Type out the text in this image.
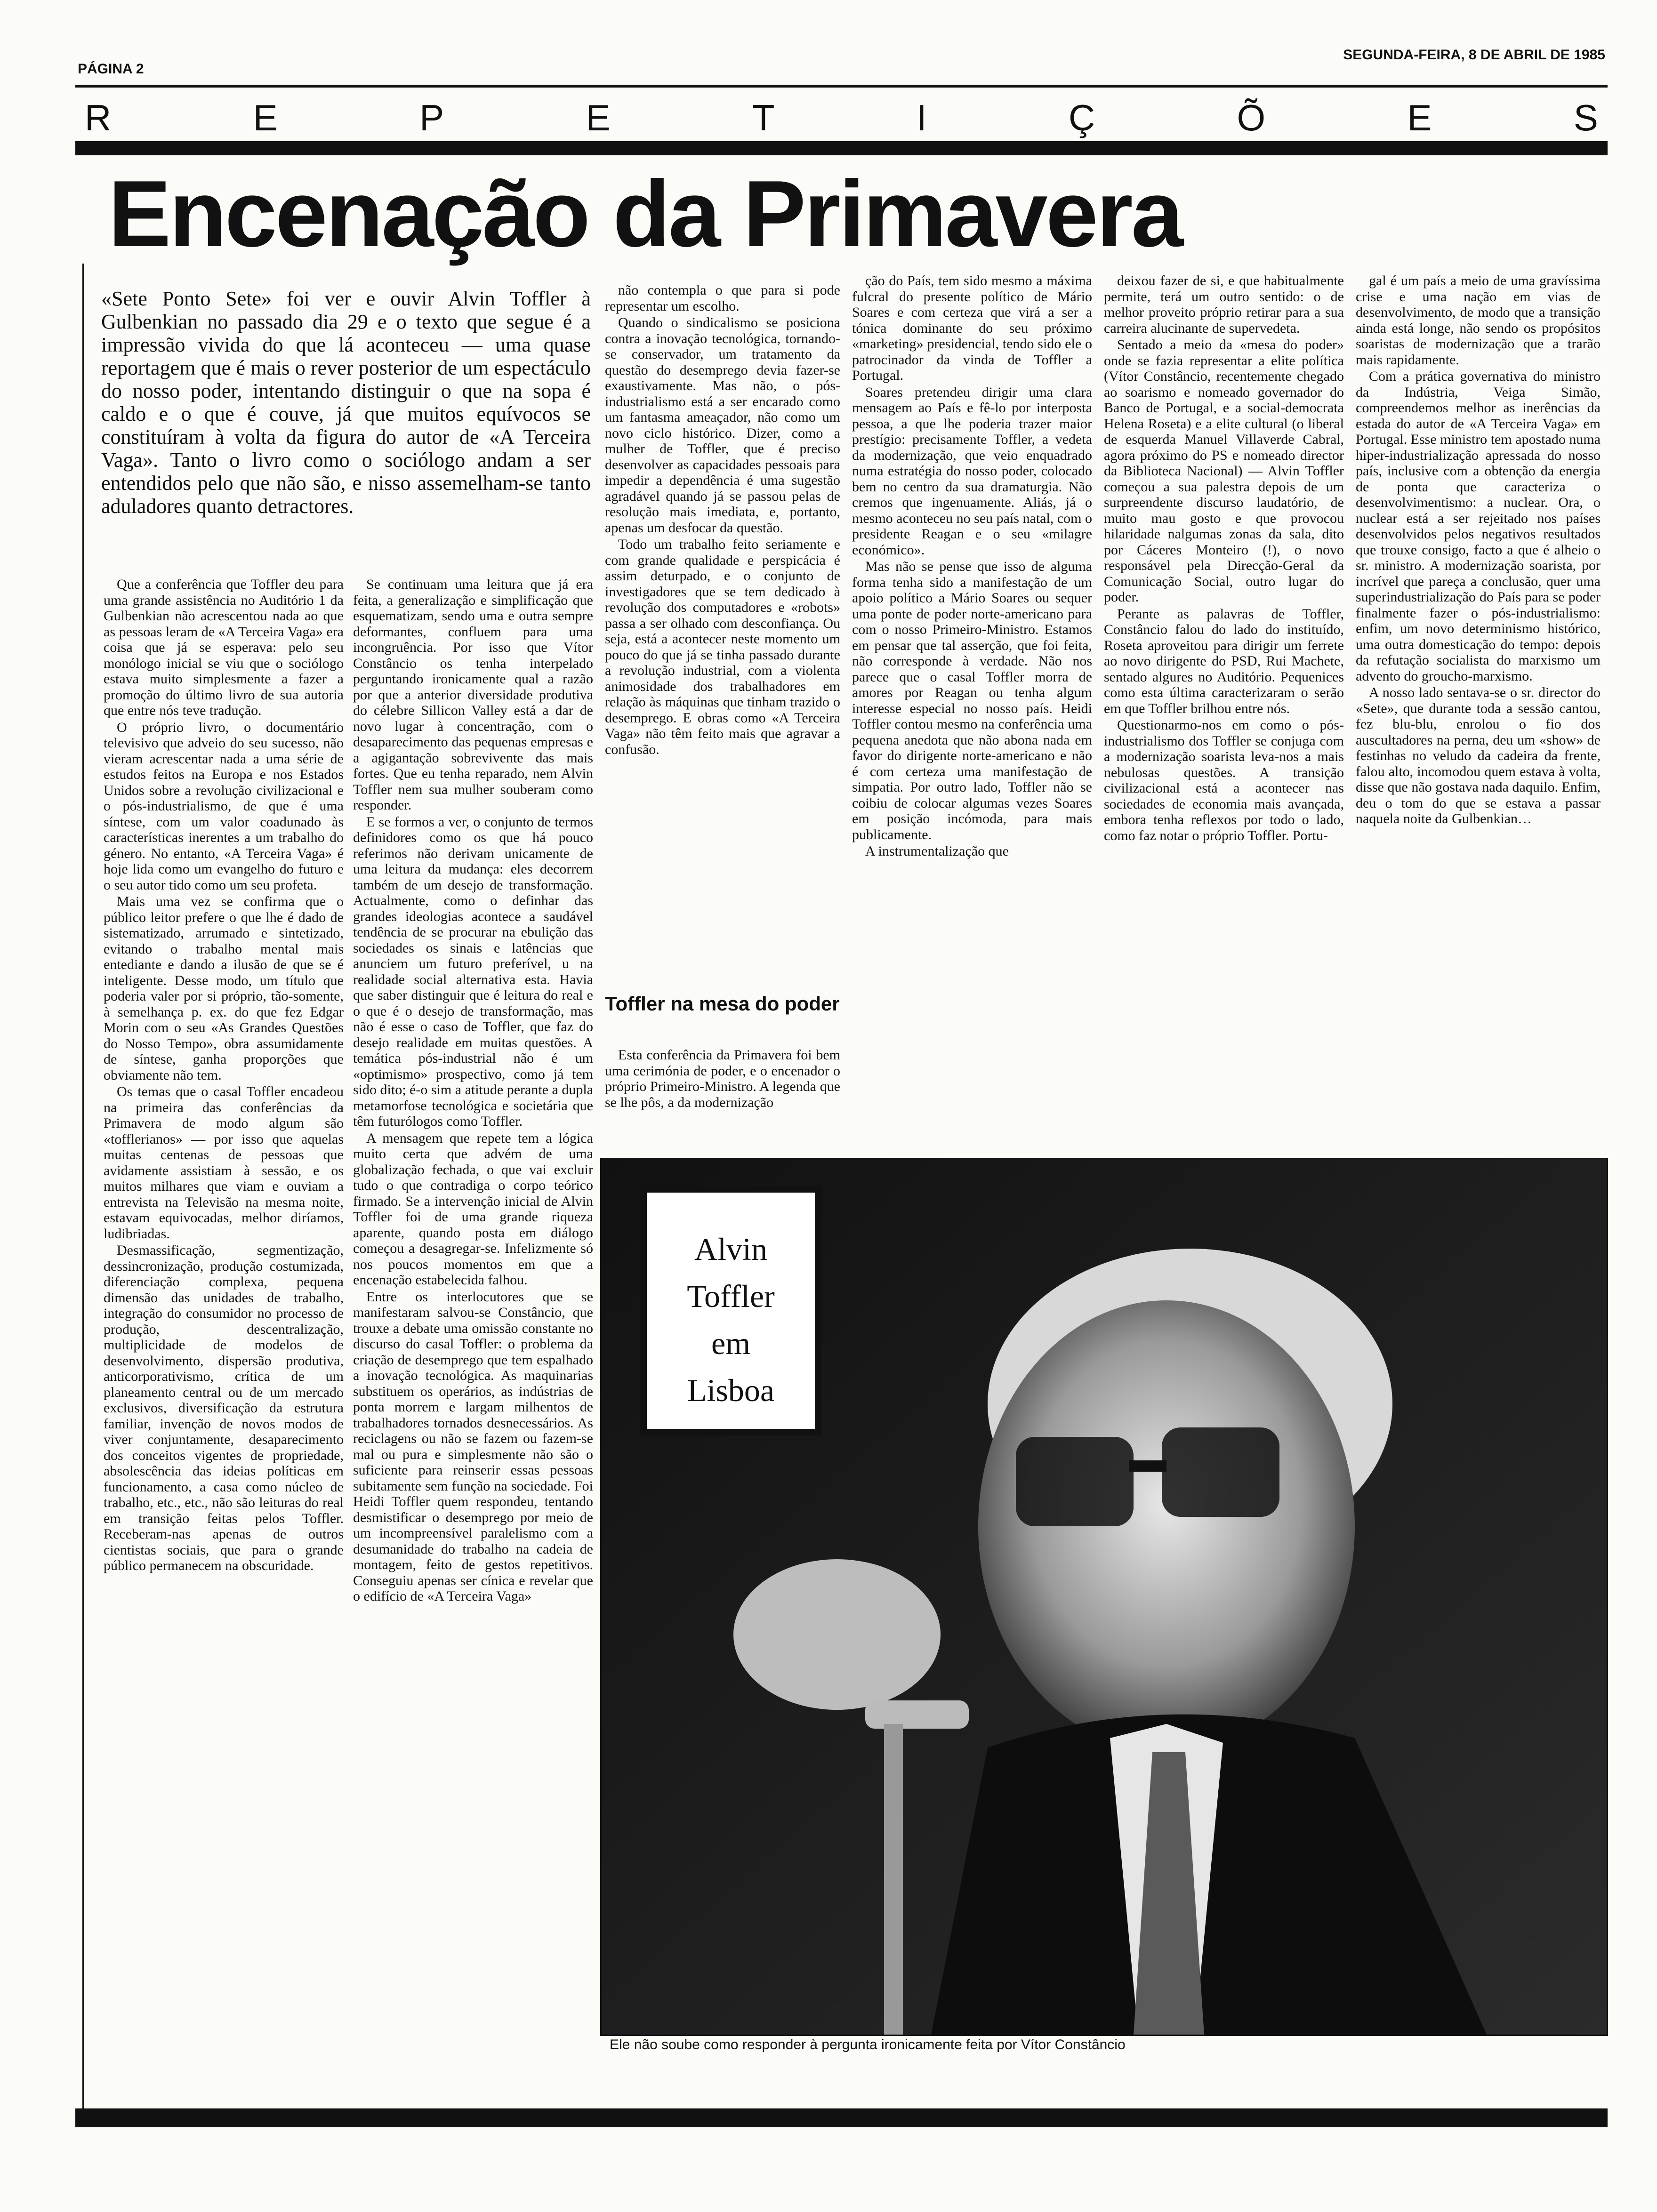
PÁGINA 2
SEGUNDA-FEIRA, 8 DE ABRIL DE 1985
R	E	P	E	T	I	Ç	Õ	E	S
Encenação da Primavera
«Sete Ponto Sete» foi ver e ouvir Alvin Toffler à Gulbenkian no passado dia 29 e o texto que segue é a impressão vivida do que lá aconteceu — uma quase reportagem que é mais o rever posterior de um espectáculo do nosso poder, intentando distinguir o que na sopa é caldo e o que é couve, já que muitos equívocos se constituíram à volta da figura do autor de «A Terceira Vaga». Tanto o livro como o sociólogo andam a ser entendidos pelo que não são, e nisso assemelham-se tanto aduladores quanto detractores.

Que a conferência que Toffler deu para uma grande assistência no Auditório 1 da Gulbenkian não acrescentou nada ao que as pessoas leram de «A Terceira Vaga» era coisa que já se esperava: pelo seu monólogo inicial se viu que o sociólogo estava muito simplesmente a fazer a promoção do último livro de sua autoria que entre nós teve tradução.

O próprio livro, o documentário televisivo que adveio do seu sucesso, não vieram acrescentar nada a uma série de estudos feitos na Europa e nos Estados Unidos sobre a revolução civilizacional e o pós-industrialismo, de que é uma síntese, com um valor coadunado às características inerentes a um trabalho do género. No entanto, «A Terceira Vaga» é hoje lida como um evangelho do futuro e o seu autor tido como um seu profeta.

Mais uma vez se confirma que o público leitor prefere o que lhe é dado de sistematizado, arrumado e sintetizado, evitando o trabalho mental mais entediante e dando a ilusão de que se é inteligente. Desse modo, um título que poderia valer por si próprio, tão-somente, à semelhança p. ex. do que fez Edgar Morin com o seu «As Grandes Questões do Nosso Tempo», obra assumidamente de síntese, ganha proporções que obviamente não tem.

Os temas que o casal Toffler encadeou na primeira das conferências da Primavera de modo algum são «tofflerianos» — por isso que aquelas muitas centenas de pessoas que avidamente assistiam à sessão, e os muitos milhares que viam e ouviam a entrevista na Televisão na mesma noite, estavam equivocadas, melhor diríamos, ludibriadas.

Desmassificação, segmentização, dessincronização, produção costumizada, diferenciação complexa, pequena dimensão das unidades de trabalho, integração do consumidor no processo de produção, descentralização, multiplicidade de modelos de desenvolvimento, dispersão produtiva, anticorporativismo, crítica de um planeamento central ou de um mercado exclusivos, diversificação da estrutura familiar, invenção de novos modos de viver conjuntamente, desaparecimento dos conceitos vigentes de propriedade, absolescência das ideias políticas em funcionamento, a casa como núcleo de trabalho, etc., etc., não são leituras do real em transição feitas pelos Toffler. Receberam-nas apenas de outros cientistas sociais, que para o grande público permanecem na obscuridade.

Se continuam uma leitura que já era feita, a generalização e simplificação que esquematizam, sendo uma e outra sempre deformantes, confluem para uma incongruência. Por isso que Vítor Constâncio os tenha interpelado perguntando ironicamente qual a razão por que a anterior diversidade produtiva do célebre Sillicon Valley está a dar de novo lugar à concentração, com o desaparecimento das pequenas empresas e a agigantação sobrevivente das mais fortes. Que eu tenha reparado, nem Alvin Toffler nem sua mulher souberam como responder.

E se formos a ver, o conjunto de termos definidores como os que há pouco referimos não derivam unicamente de uma leitura da mudança: eles decorrem também de um desejo de transformação. Actualmente, como o definhar das grandes ideologias acontece a saudável tendência de se procurar na ebulição das sociedades os sinais e latências que anunciem um futuro preferível, u na realidade social alternativa esta. Havia que saber distinguir que é leitura do real e o que é o desejo de transformação, mas não é esse o caso de Toffler, que faz do desejo realidade em muitas questões. A temática pós-industrial não é um «optimismo» prospectivo, como já tem sido dito; é-o sim a atitude perante a dupla metamorfose tecnológica e societária que têm futurólogos como Toffler.

A mensagem que repete tem a lógica muito certa que advém de uma globalização fechada, o que vai excluir tudo o que contradiga o corpo teórico firmado. Se a intervenção inicial de Alvin Toffler foi de uma grande riqueza aparente, quando posta em diálogo começou a desagregar-se. Infelizmente só nos poucos momentos em que a encenação estabelecida falhou.

Entre os interlocutores que se manifestaram salvou-se Constâncio, que trouxe a debate uma omissão constante no discurso do casal Toffler: o problema da criação de desemprego que tem espalhado a inovação tecnológica. As maquinarias substituem os operários, as indústrias de ponta morrem e largam milhentos de trabalhadores tornados desnecessários. As reciclagens ou não se fazem ou fazem-se mal ou pura e simplesmente não são o suficiente para reinserir essas pessoas subitamente sem função na sociedade. Foi Heidi Toffler quem respondeu, tentando desmistificar o desemprego por meio de um incompreensível paralelismo com a desumanidade do trabalho na cadeia de montagem, feito de gestos repetitivos. Conseguiu apenas ser cínica e revelar que o edifício de «A Terceira Vaga»

não contempla o que para si pode representar um escolho.

Quando o sindicalismo se posiciona contra a inovação tecnológica, tornando-se conservador, um tratamento da questão do desemprego devia fazer-se exaustivamente. Mas não, o pós-industrialismo está a ser encarado como um fantasma ameaçador, não como um novo ciclo histórico. Dizer, como a mulher de Toffler, que é preciso desenvolver as capacidades pessoais para impedir a dependência é uma sugestão agradável quando já se passou pelas de resolução mais imediata, e, portanto, apenas um desfocar da questão.

Todo um trabalho feito seriamente e com grande qualidade e perspicácia é assim deturpado, e o conjunto de investigadores que se tem dedicado à revolução dos computadores e «robots» passa a ser olhado com desconfiança. Ou seja, está a acontecer neste momento um pouco do que já se tinha passado durante a revolução industrial, com a violenta animosidade dos trabalhadores em relação às máquinas que tinham trazido o desemprego. E obras como «A Terceira Vaga» não têm feito mais que agravar a confusão.

Toffler na mesa do poder

Esta conferência da Primavera foi bem uma cerimónia de poder, e o encenador o próprio Primeiro-Ministro. A legenda que se lhe pôs, a da modernização

ção do País, tem sido mesmo a máxima fulcral do presente político de Mário Soares e com certeza que virá a ser a tónica dominante do seu próximo «marketing» presidencial, tendo sido ele o patrocinador da vinda de Toffler a Portugal.

Soares pretendeu dirigir uma clara mensagem ao País e fê-lo por interposta pessoa, a que lhe poderia trazer maior prestígio: precisamente Toffler, a vedeta da modernização, que veio enquadrado numa estratégia do nosso poder, colocado bem no centro da sua dramaturgia. Não cremos que ingenuamente. Aliás, já o mesmo aconteceu no seu país natal, com o presidente Reagan e o seu «milagre económico».

Mas não se pense que isso de alguma forma tenha sido a manifestação de um apoio político a Mário Soares ou sequer uma ponte de poder norte-americano para com o nosso Primeiro-Ministro. Estamos em pensar que tal asserção, que foi feita, não corresponde à verdade. Não nos parece que o casal Toffler morra de amores por Reagan ou tenha algum interesse especial no nosso país. Heidi Toffler contou mesmo na conferência uma pequena anedota que não abona nada em favor do dirigente norte-americano e não é com certeza uma manifestação de simpatia. Por outro lado, Toffler não se coibiu de colocar algumas vezes Soares em posição incómoda, para mais publicamente.

A instrumentalização que

deixou fazer de si, e que habitualmente permite, terá um outro sentido: o de melhor proveito próprio retirar para a sua carreira alucinante de supervedeta.

Sentado a meio da «mesa do poder» onde se fazia representar a elite política (Vítor Constâncio, recentemente chegado ao soarismo e nomeado governador do Banco de Portugal, e a social-democrata Helena Roseta) e a elite cultural (o liberal de esquerda Manuel Villaverde Cabral, agora próximo do PS e nomeado director da Biblioteca Nacional) — Alvin Toffler começou a sua palestra depois de um surpreendente discurso laudatório, de muito mau gosto e que provocou hilaridade nalgumas zonas da sala, dito por Cáceres Monteiro (!), o novo responsável pela Direcção-Geral da Comunicação Social, outro lugar do poder.

Perante as palavras de Toffler, Constâncio falou do lado do instituído, Roseta aproveitou para dirigir um ferrete ao novo dirigente do PSD, Rui Machete, sentado algures no Auditório. Pequenices como esta última caracterizaram o serão em que Toffler brilhou entre nós.

Questionarmo-nos em como o pós-industrialismo dos Toffler se conjuga com a modernização soarista leva-nos a mais nebulosas questões. A transição civilizacional está a acontecer nas sociedades de economia mais avançada, embora tenha reflexos por todo o lado, como faz notar o próprio Toffler. Portu-

gal é um país a meio de uma gravíssima crise e uma nação em vias de desenvolvimento, de modo que a transição ainda está longe, não sendo os propósitos soaristas de modernização que a trarão mais rapidamente.

Com a prática governativa do ministro da Indústria, Veiga Simão, compreendemos melhor as inerências da estada do autor de «A Terceira Vaga» em Portugal. Esse ministro tem apostado numa hiper-industrialização apressada do nosso país, inclusive com a obtenção da energia de ponta que caracteriza o desenvolvimentismo: a nuclear. Ora, o nuclear está a ser rejeitado nos países desenvolvidos pelos negativos resultados que trouxe consigo, facto a que é alheio o sr. ministro. A modernização soarista, por incrível que pareça a conclusão, quer uma superindustrialização do País para se poder finalmente fazer o pós-industrialismo: enfim, um novo determinismo histórico, uma outra domesticação do tempo: depois da refutação socialista do marxismo um advento do groucho-marxismo.

A nosso lado sentava-se o sr. director do «Sete», que durante toda a sessão cantou, fez blu-blu, enrolou o fio dos auscultadores na perna, deu um «show» de festinhas no veludo da cadeira da frente, falou alto, incomodou quem estava à volta, disse que não gostava nada daquilo. Enfim, deu o tom do que se estava a passar naquela noite da Gulbenkian…

Alvin
Toffler
em
Lisboa
Ele não soube como responder à pergunta ironicamente feita por Vítor Constâncio
